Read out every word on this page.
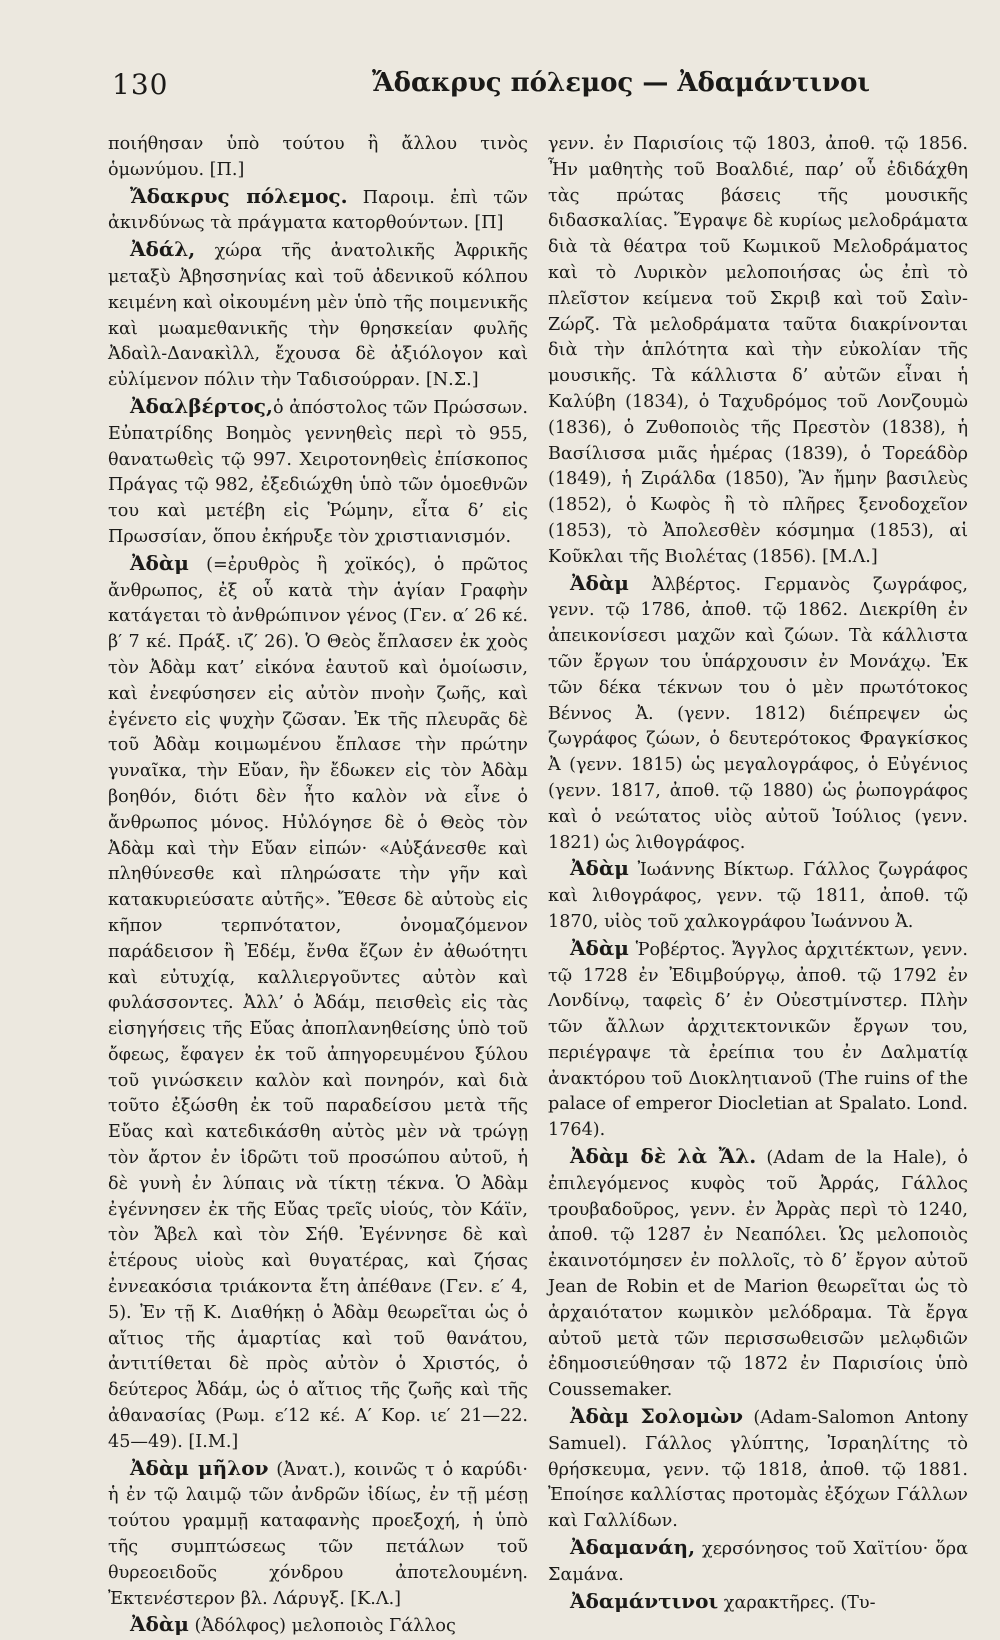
130	Ἄδακρυς πόλεμος — Ἀδαμάντινοι

ποιήθησαν ὑπὸ τούτου ἢ ἄλλου τινὸς ὁμωνύμου. [Π.]

Ἄδακρυς πόλεμος. Παροιμ. ἐπὶ τῶν ἀκινδύνως τὰ πράγματα κατορθούντων. [Π]

Ἀδάλ, χώρα τῆς ἀνατολικῆς Ἀφρικῆς μεταξὺ Ἀβησσηνίας καὶ τοῦ ἀδενικοῦ κόλπου κειμένη καὶ οἰκουμένη μὲν ὑπὸ τῆς ποιμενικῆς καὶ μωαμεθανικῆς τὴν θρησκείαν φυλῆς Ἀδαὶλ-Δανακὶλλ, ἔχουσα δὲ ἀξιόλογον καὶ εὐλίμενον πόλιν τὴν Ταδισούρραν. [Ν.Σ.]

Ἀδαλβέρτος,ὁ ἀπόστολος τῶν Πρώσσων. Εὐπατρίδης Βοημὸς γεννηθεὶς περὶ τὸ 955, θανατωθεὶς τῷ 997. Χειροτονηθεὶς ἐπίσκοπος Πράγας τῷ 982, ἐξεδιώχθη ὑπὸ τῶν ὁμοεθνῶν του καὶ μετέβη εἰς Ῥώμην, εἶτα δ’ εἰς Πρωσσίαν, ὅπου ἐκήρυξε τὸν χριστιανισμόν.

Ἀδὰμ (=ἐρυθρὸς ἢ χοϊκός), ὁ πρῶτος ἄνθρωπος, ἐξ οὗ κατὰ τὴν ἁγίαν Γραφὴν κατάγεται τὸ ἀνθρώπινον γένος (Γεν. α′ 26 κέ. β′ 7 κέ. Πράξ. ιζ′ 26). Ὁ Θεὸς ἔπλασεν ἐκ χοὸς τὸν Ἀδὰμ κατ’ εἰκόνα ἑαυτοῦ καὶ ὁμοίωσιν, καὶ ἐνεφύσησεν εἰς αὐτὸν πνοὴν ζωῆς, καὶ ἐγένετο εἰς ψυχὴν ζῶσαν. Ἐκ τῆς πλευρᾶς δὲ τοῦ Ἀδὰμ κοιμωμένου ἔπλασε τὴν πρώτην γυναῖκα, τὴν Εὔαν, ἣν ἔδωκεν εἰς τὸν Ἀδὰμ βοηθόν, διότι δὲν ἦτο καλὸν νὰ εἶνε ὁ ἄνθρωπος μόνος. Ηὐλόγησε δὲ ὁ Θεὸς τὸν Ἀδὰμ καὶ τὴν Εὔαν εἰπών· «Αὐξάνεσθε καὶ πληθύνεσθε καὶ πληρώσατε τὴν γῆν καὶ κατακυριεύσατε αὐτῆς». Ἔθεσε δὲ αὐτοὺς εἰς κῆπον τερπνότατον, ὀνομαζόμενον παράδεισον ἢ Ἐδέμ, ἔνθα ἔζων ἐν ἀθωότητι καὶ εὐτυχίᾳ, καλλιεργοῦντες αὐτὸν καὶ φυλάσσοντες. Ἀλλ’ ὁ Ἀδάμ, πεισθεὶς εἰς τὰς εἰσηγήσεις τῆς Εὔας ἀποπλανηθείσης ὑπὸ τοῦ ὄφεως, ἔφαγεν ἐκ τοῦ ἀπηγορευμένου ξύλου τοῦ γινώσκειν καλὸν καὶ πονηρόν, καὶ διὰ τοῦτο ἐξώσθη ἐκ τοῦ παραδείσου μετὰ τῆς Εὔας καὶ κατεδικάσθη αὐτὸς μὲν νὰ τρώγῃ τὸν ἄρτον ἐν ἱδρῶτι τοῦ προσώπου αὐτοῦ, ἡ δὲ γυνὴ ἐν λύπαις νὰ τίκτῃ τέκνα. Ὁ Ἀδὰμ ἐγέννησεν ἐκ τῆς Εὔας τρεῖς υἱούς, τὸν Κάϊν, τὸν Ἄβελ καὶ τὸν Σήθ. Ἐγέννησε δὲ καὶ ἑτέρους υἱοὺς καὶ θυγατέρας, καὶ ζήσας ἐννεακόσια τριάκοντα ἔτη ἀπέθανε (Γεν. ε′ 4, 5). Ἐν τῇ Κ. Διαθήκῃ ὁ Ἀδὰμ θεωρεῖται ὡς ὁ αἴτιος τῆς ἁμαρτίας καὶ τοῦ θανάτου, ἀντιτίθεται δὲ πρὸς αὐτὸν ὁ Χριστός, ὁ δεύτερος Ἀδάμ, ὡς ὁ αἴτιος τῆς ζωῆς καὶ τῆς ἀθανασίας (Ρωμ. ε′12 κέ. Α′ Κορ. ιε′ 21—22. 45—49). [Ι.Μ.]

Ἀδὰμ μῆλον (Ἀνατ.), κοινῶς τ ὁ καρύδι· ἡ ἐν τῷ λαιμῷ τῶν ἀνδρῶν ἰδίως, ἐν τῇ μέσῃ τούτου γραμμῇ καταφανὴς προεξοχή, ἡ ὑπὸ τῆς συμπτώσεως τῶν πετάλων τοῦ θυρεοειδοῦς χόνδρου ἀποτελουμένη. Ἐκτενέστερον βλ. Λάρυγξ. [Κ.Λ.]

Ἀδὰμ (Ἀδόλφος) μελοποιὸς Γάλλος

γενν. ἐν Παρισίοις τῷ 1803, ἀποθ. τῷ 1856. Ἦν μαθητὴς τοῦ Βοαλδιέ, παρ’ οὗ ἐδιδάχθη τὰς πρώτας βάσεις τῆς μουσικῆς διδασκαλίας. Ἔγραψε δὲ κυρίως μελοδράματα διὰ τὰ θέατρα τοῦ Κωμικοῦ Μελοδράματος καὶ τὸ Λυρικὸν μελοποιήσας ὡς ἐπὶ τὸ πλεῖστον κείμενα τοῦ Σκριβ καὶ τοῦ Σαὶν-Ζώρζ. Τὰ μελοδράματα ταῦτα διακρίνονται διὰ τὴν ἁπλότητα καὶ τὴν εὐκολίαν τῆς μουσικῆς. Τὰ κάλλιστα δ’ αὐτῶν εἶναι ἡ Καλύβη (1834), ὁ Ταχυδρόμος τοῦ Λονζουμὼ (1836), ὁ Ζυθοποιὸς τῆς Πρεστὸν (1838), ἡ Βασίλισσα μιᾶς ἡμέρας (1839), ὁ Τορεάδὸρ (1849), ἡ Ζιράλδα (1850), Ἂν ἤμην βασιλεὺς (1852), ὁ Κωφὸς ἢ τὸ πλῆρες ξενοδοχεῖον (1853), τὸ Ἀπολεσθὲν κόσμημα (1853), αἱ Κοῦκλαι τῆς Βιολέτας (1856). [Μ.Λ.]

Ἀδὰμ Ἀλβέρτος. Γερμανὸς ζωγράφος, γενν. τῷ 1786, ἀποθ. τῷ 1862. Διεκρίθη ἐν ἀπεικονίσεσι μαχῶν καὶ ζώων. Τὰ κάλλιστα τῶν ἔργων του ὑπάρχουσιν ἐν Μονάχῳ. Ἐκ τῶν δέκα τέκνων του ὁ μὲν πρωτότοκος Βέννος Ἀ. (γενν. 1812) διέπρεψεν ὡς ζωγράφος ζώων, ὁ δευτερότοκος Φραγκίσκος Ἀ (γενν. 1815) ὡς μεγαλογράφος, ὁ Εὐγένιος (γενν. 1817, ἀποθ. τῷ 1880) ὡς ῥωπογράφος καὶ ὁ νεώτατος υἱὸς αὐτοῦ Ἰούλιος (γενν. 1821) ὡς λιθογράφος.

Ἀδὰμ Ἰωάννης Βίκτωρ. Γάλλος ζωγράφος καὶ λιθογράφος, γενν. τῷ 1811, ἀποθ. τῷ 1870, υἱὸς τοῦ χαλκογράφου Ἰωάννου Ἀ.

Ἀδὰμ Ῥοβέρτος. Ἄγγλος ἀρχιτέκτων, γενν. τῷ 1728 ἐν Ἐδιμβούργῳ, ἀποθ. τῷ 1792 ἐν Λονδίνῳ, ταφεὶς δ’ ἐν Οὐεστμίνστερ. Πλὴν τῶν ἄλλων ἀρχιτεκτονικῶν ἔργων του, περιέγραψε τὰ ἐρείπια του ἐν Δαλματίᾳ ἀνακτόρου τοῦ Διοκλητιανοῦ (The ruins of the palace of emperor Diocletian at Spalato. Lond. 1764).

Ἀδὰμ δὲ λὰ Ἄλ. (Adam de la Hale), ὁ ἐπιλεγόμενος κυφὸς τοῦ Ἀρράς, Γάλλος τρουβαδοῦρος, γενν. ἐν Ἀρρὰς περὶ τὸ 1240, ἀποθ. τῷ 1287 ἐν Νεαπόλει. Ὡς μελοποιὸς ἐκαινοτόμησεν ἐν πολλοῖς, τὸ δ’ ἔργον αὐτοῦ Jean de Robin et de Marion θεωρεῖται ὡς τὸ ἀρχαιότατον κωμικὸν μελόδραμα. Τὰ ἔργα αὐτοῦ μετὰ τῶν περισσωθεισῶν μελῳδιῶν ἐδημοσιεύθησαν τῷ 1872 ἐν Παρισίοις ὑπὸ Coussemaker.

Ἀδὰμ Σολομὼν (Adam-Salomon Antony Samuel). Γάλλος γλύπτης, Ἰσραηλίτης τὸ θρήσκευμα, γενν. τῷ 1818, ἀποθ. τῷ 1881. Ἐποίησε καλλίστας προτομὰς ἐξόχων Γάλλων καὶ Γαλλίδων.

Ἀδαμανάη, χερσόνησος τοῦ Χαϊτίου· ὅρα Σαμάνα.

Ἀδαμάντινοι χαρακτῆρες. (Τυ-
